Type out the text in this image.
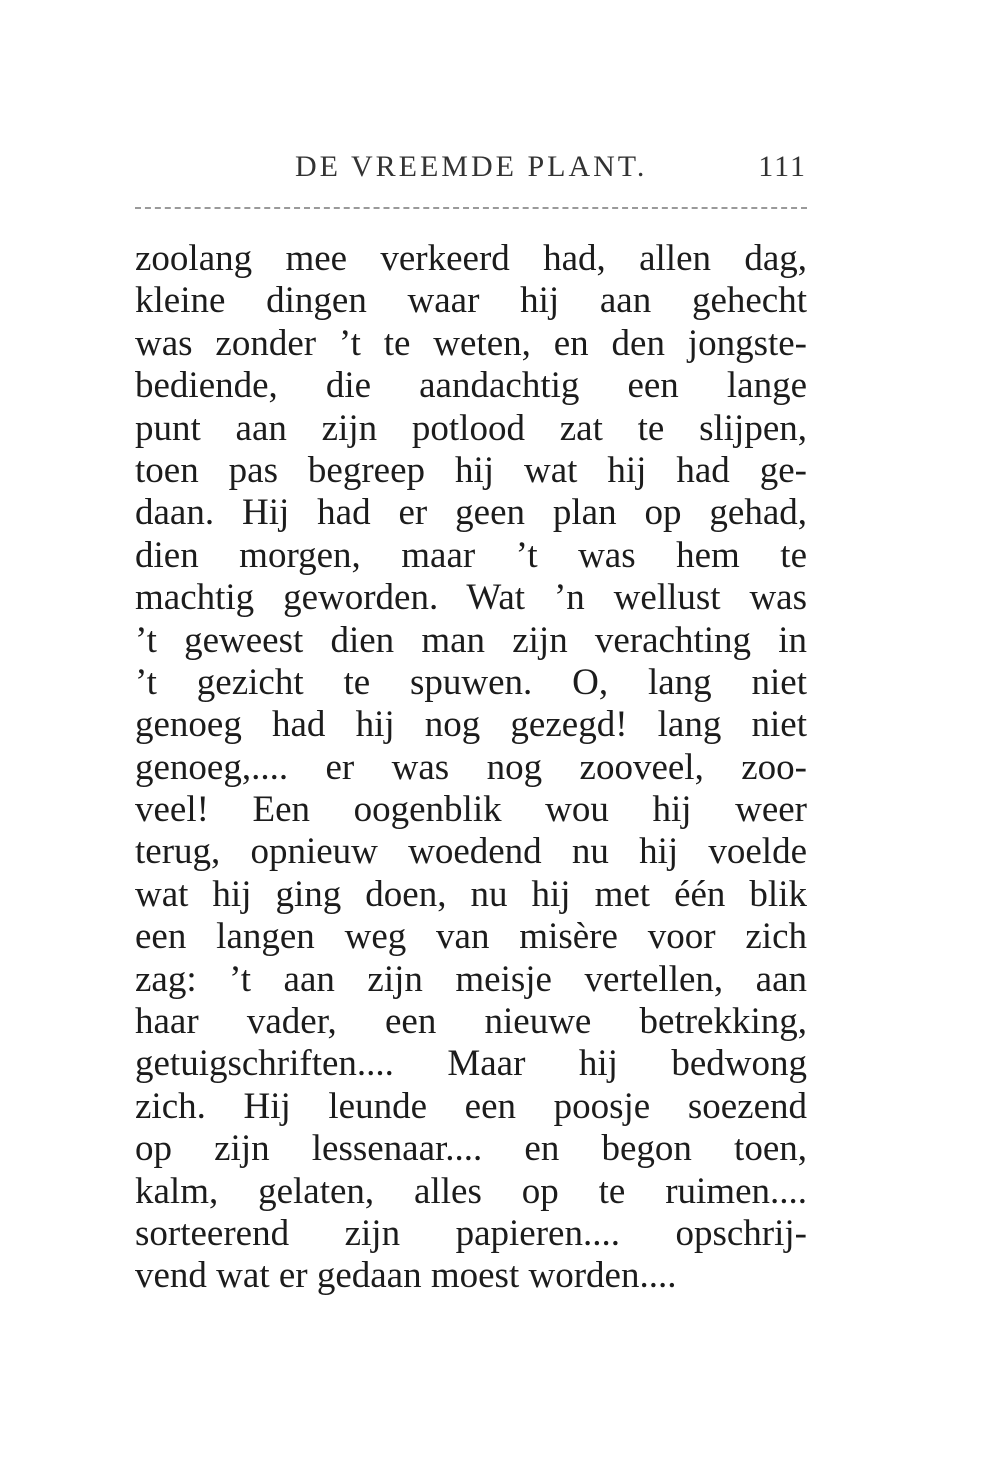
DE VREEMDE PLANT.	111
zoolang mee verkeerd had, allen dag,
kleine dingen waar hij aan gehecht
was zonder ’t te weten, en den jongste-
bediende, die aandachtig een lange
punt aan zijn potlood zat te slijpen,
toen pas begreep hij wat hij had ge-
daan. Hij had er geen plan op gehad,
dien morgen, maar ’t was hem te
machtig geworden. Wat ’n wellust was
’t geweest dien man zijn verachting in
’t gezicht te spuwen. O, lang niet
genoeg had hij nog gezegd! lang niet
genoeg,.... er was nog zooveel, zoo-
veel! Een oogenblik wou hij weer
terug, opnieuw woedend nu hij voelde
wat hij ging doen, nu hij met één blik
een langen weg van misère voor zich
zag: ’t aan zijn meisje vertellen, aan
haar vader, een nieuwe betrekking,
getuigschriften.... Maar hij bedwong
zich. Hij leunde een poosje soezend
op zijn lessenaar.... en begon toen,
kalm, gelaten, alles op te ruimen....
sorteerend zijn papieren.... opschrij-
vend wat er gedaan moest worden....
